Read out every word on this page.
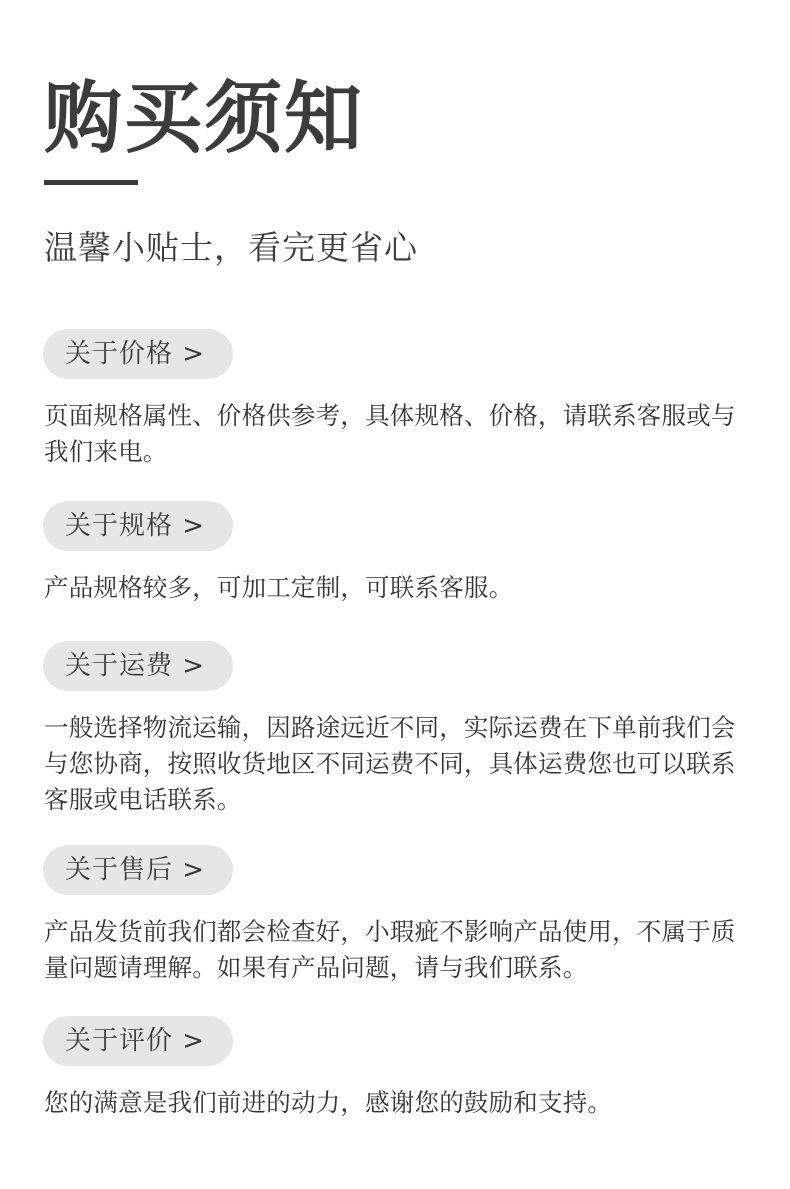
购买须知
温馨小贴士，看完更省心
关于价格 >
页面规格属性、价格供参考，具体规格、价格，请联系客服或与我们来电。
关于规格 >
产品规格较多，可加工定制，可联系客服。
关于运费 >
一般选择物流运输，因路途远近不同，实际运费在下单前我们会与您协商，按照收货地区不同运费不同，具体运费您也可以联系客服或电话联系。
关于售后 >
产品发货前我们都会检查好，小瑕疵不影响产品使用，不属于质量问题请理解。如果有产品问题，请与我们联系。
关于评价 >
您的满意是我们前进的动力，感谢您的鼓励和支持。
